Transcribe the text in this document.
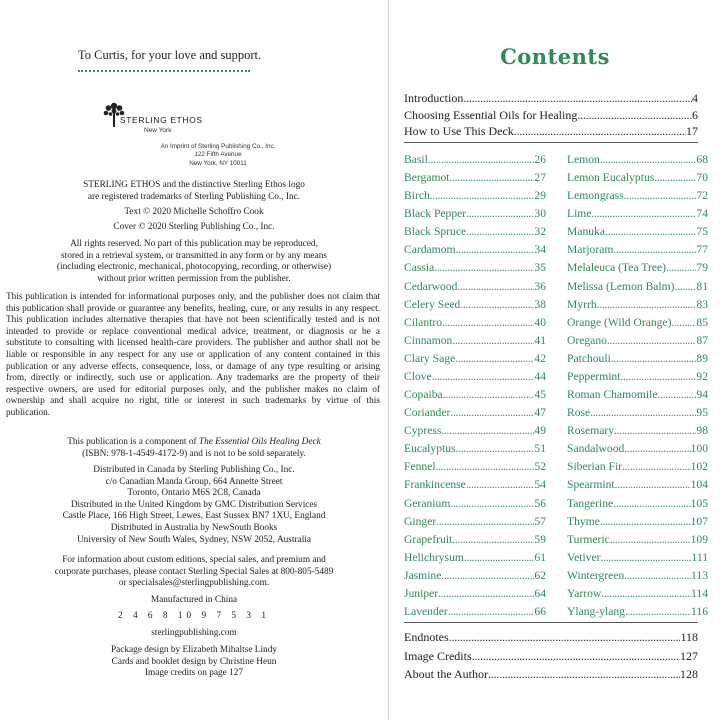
To Curtis, for your love and support.
STERLING ETHOS
New York
An Imprint of Sterling Publishing Co., Inc.
122 Fifth Avenue
New York, NY 10011
STERLING ETHOS and the distinctive Sterling Ethos logo
are registered trademarks of Sterling Publishing Co., Inc.
Text © 2020 Michelle Schoffro Cook
Cover © 2020 Sterling Publishing Co., Inc.
All rights reserved. No part of this publication may be reproduced,
stored in a retrieval system, or transmitted in any form or by any means
(including electronic, mechanical, photocopying, recording, or otherwise)
without prior written permission from the publisher.
This publication is intended for informational purposes only, and the publisher does not claim that this publication shall provide or guarantee any benefits, healing, cure, or any results in any respect. This publication includes alternative therapies that have not been scientifically tested and is not intended to provide or replace conventional medical advice, treatment, or diagnosis or be a substitute to consulting with licensed health-care providers. The publisher and author shall not be liable or responsible in any respect for any use or application of any content contained in this publication or any adverse effects, consequence, loss, or damage of any type resulting or arising from, directly or indirectly, such use or application. Any trademarks are the property of their respective owners, are used for editorial purposes only, and the publisher makes no claim of ownership and shall acquire no right, title or interest in such trademarks by virtue of this publication.
This publication is a component of The Essential Oils Healing Deck
(ISBN: 978-1-4549-4172-9) and is not to be sold separately.
Distributed in Canada by Sterling Publishing Co., Inc.
c/o Canadian Manda Group, 664 Annette Street
Toronto, Ontario M6S 2C8, Canada
Distributed in the United Kingdom by GMC Distribution Services
Castle Place, 166 High Street, Lewes, East Sussex BN7 1XU, England
Distributed in Australia by NewSouth Books
University of New South Wales, Sydney, NSW 2052, Australia
For information about custom editions, special sales, and premium and
corporate purchases, please contact Sterling Special Sales at 800-805-5489
or specialsales@sterlingpublishing.com.
Manufactured in China
2 4 6 8 10 9 7 5 3 1
sterlingpublishing.com
Package design by Elizabeth Mihaltse Lindy
Cards and booklet design by Christine Heun
Image credits on page 127
Contents
Introduction . . .	4
Choosing Essential Oils for Healing . . .	6
How to Use This Deck . . .	17
Basil . . .	26
Bergamot . . .	27
Birch . . .	29
Black Pepper . . .	30
Black Spruce . . .	32
Cardamom . . .	34
Cassia . . .	35
Cedarwood . . .	36
Celery Seed . . .	38
Cilantro . . .	40
Cinnamon . . .	41
Clary Sage . . .	42
Clove . . .	44
Copaiba . . .	45
Coriander . . .	47
Cypress . . .	49
Eucalyptus . . .	51
Fennel . . .	52
Frankincense . . .	54
Geranium . . .	56
Ginger . . .	57
Grapefruit . . .	59
Helichrysum . . .	61
Jasmine . . .	62
Juniper . . .	64
Lavender . . .	66
Lemon . . .	68
Lemon Eucalyptus . . .	70
Lemongrass . . .	72
Lime . . .	74
Manuka . . .	75
Marjoram . . .	77
Melaleuca (Tea Tree) . . .	79
Melissa (Lemon Balm) . . . 81
Myrrh . . .	83
Orange (Wild Orange) . . . 85
Oregano . . .	87
Patchouli . . .	89
Peppermint . . .	92
Roman Chamomile . . .	94
Rose . . .	95
Rosemary . . .	98
Sandalwood . . .	100
Siberian Fir . . .	102
Spearmint . . .	104
Tangerine . . .	105
Thyme . . .	107
Turmeric . . .	109
Vetiver . . .	111
Wintergreen . . .	113
Yarrow . . .	114
Ylang-ylang . . .	116
Endnotes . . .	118
Image Credits . . .	127
About the Author . . .	128
